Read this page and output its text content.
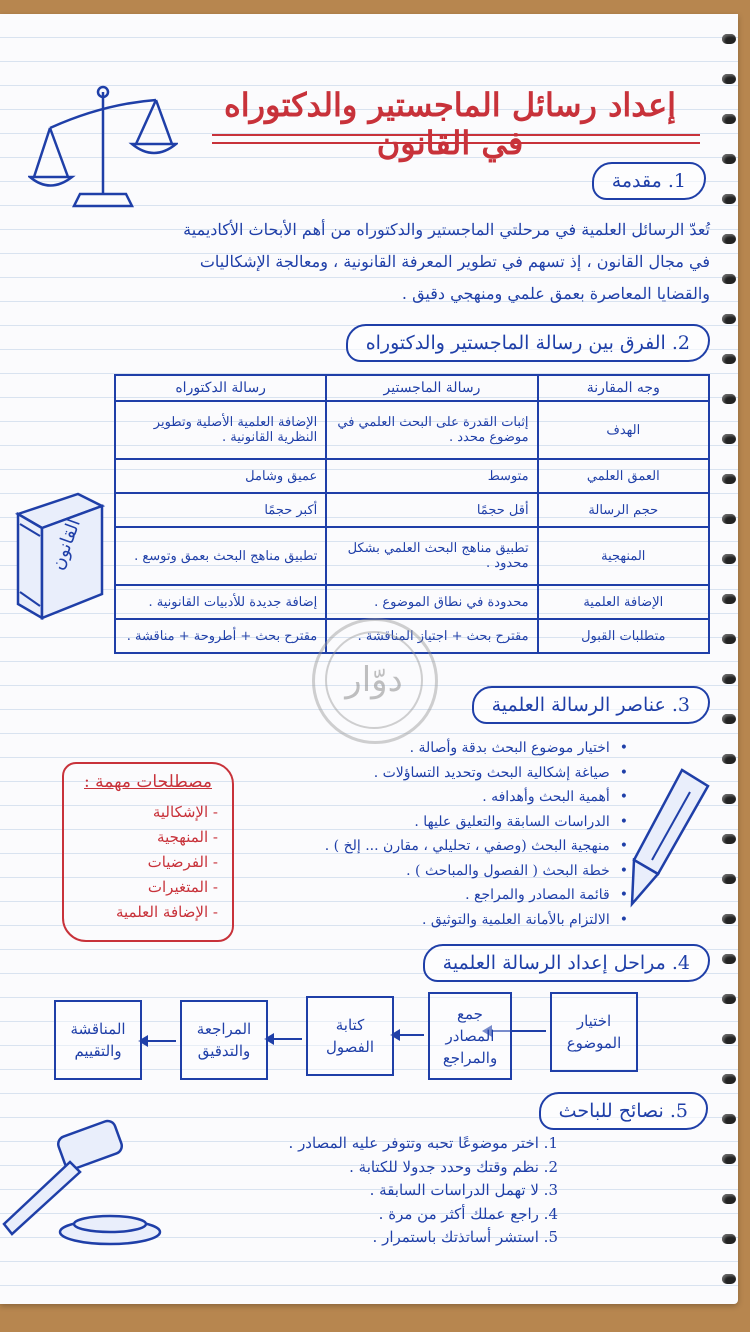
إعداد رسائل الماجستير والدكتوراه في القانون
1. مقدمة
تُعدّ الرسائل العلمية في مرحلتي الماجستير والدكتوراه من أهم الأبحاث الأكاديمية
في مجال القانون ، إذ تسهم في تطوير المعرفة القانونية ، ومعالجة الإشكاليات
والقضايا المعاصرة بعمق علمي ومنهجي دقيق .
2. الفرق بين رسالة الماجستير والدكتوراه
وجه المقارنة	رسالة الماجستير	رسالة الدكتوراه
الهدف	إثبات القدرة على البحث العلمي في موضوع محدد .	الإضافة العلمية الأصلية وتطوير النظرية القانونية .
العمق العلمي	متوسط	عميق وشامل
حجم الرسالة	أقل حجمًا	أكبر حجمًا
المنهجية	تطبيق مناهج البحث العلمي بشكل محدود .	تطبيق مناهج البحث بعمق وتوسع .
الإضافة العلمية	محدودة في نطاق الموضوع .	إضافة جديدة للأدبيات القانونية .
متطلبات القبول	مقترح بحث + اجتياز المناقشة .	مقترح بحث + أطروحة + مناقشة .
القانون
دوّار
3. عناصر الرسالة العلمية
• اختيار موضوع البحث بدقة وأصالة .
• صياغة إشكالية البحث وتحديد التساؤلات .
• أهمية البحث وأهدافه .
• الدراسات السابقة والتعليق عليها .
• منهجية البحث (وصفي ، تحليلي ، مقارن ... إلخ ) .
• خطة البحث ( الفصول والمباحث ) .
• قائمة المصادر والمراجع .
• الالتزام بالأمانة العلمية والتوثيق .
مصطلحات مهمة :
- الإشكالية
- المنهجية
- الفرضيات
- المتغيرات
- الإضافة العلمية
4. مراحل إعداد الرسالة العلمية
اختيار
الموضوع
جمع
المصادر
والمراجع
كتابة
الفصول
المراجعة
والتدقيق
المناقشة
والتقييم
5. نصائح للباحث
1. اختر موضوعًا تحبه وتتوفر عليه المصادر .
2. نظم وقتك وحدد جدولا للكتابة .
3. لا تهمل الدراسات السابقة .
4. راجع عملك أكثر من مرة .
5. استشر أساتذتك باستمرار .
